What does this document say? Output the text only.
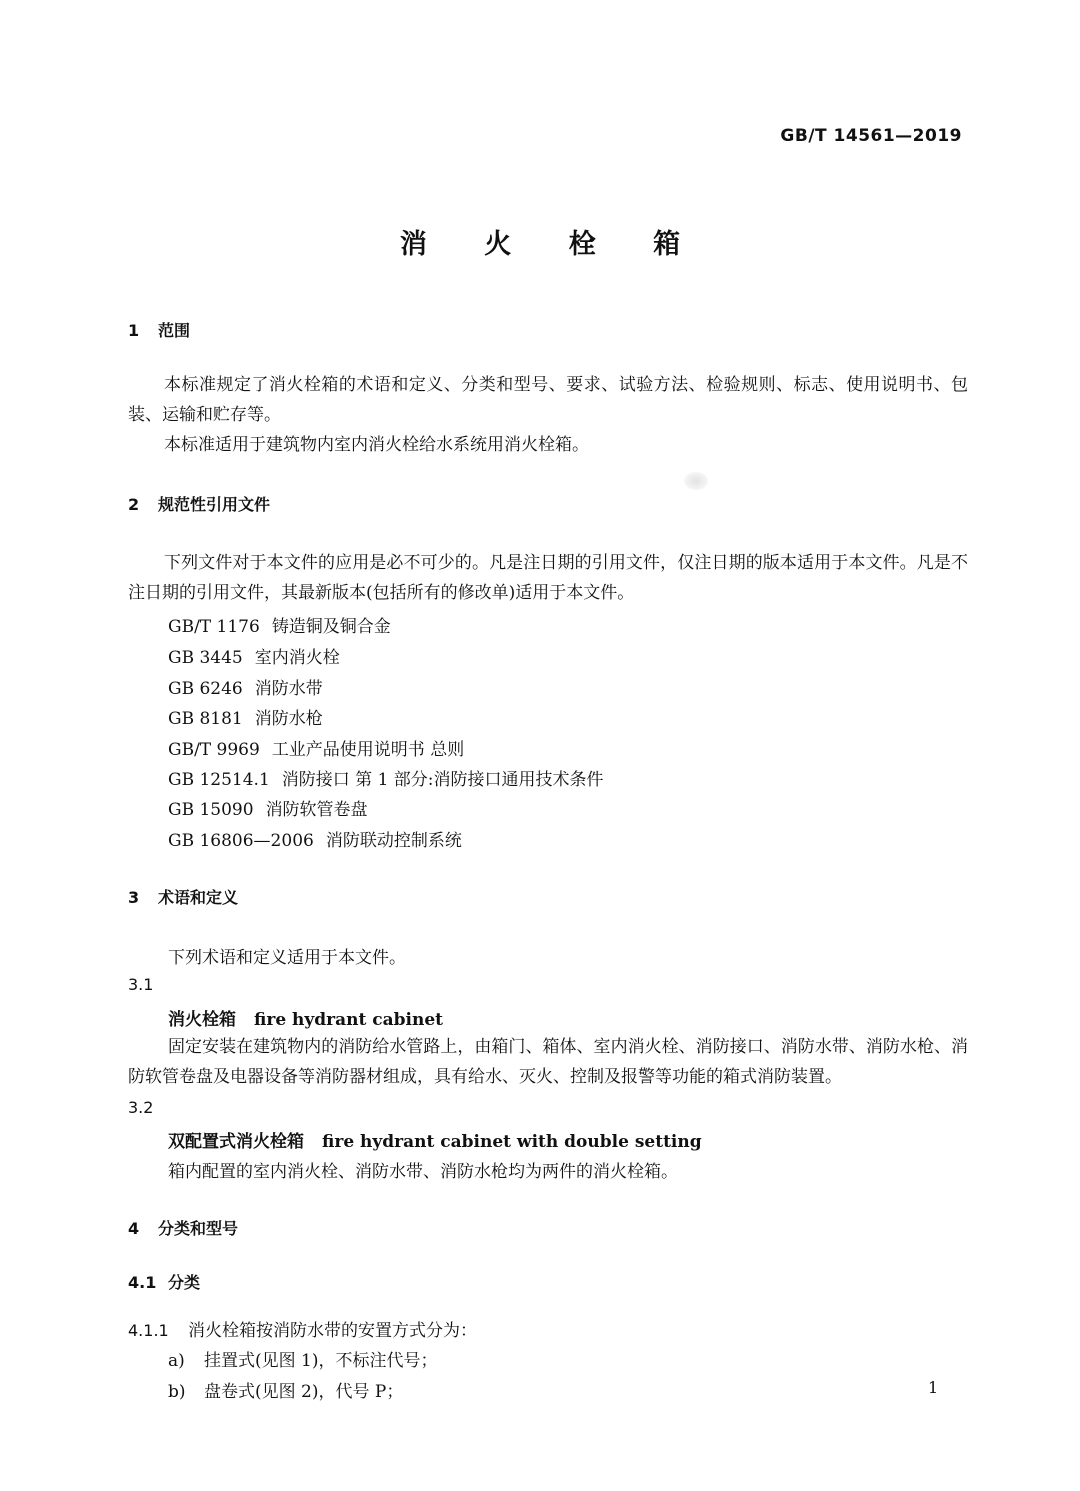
GB/T 14561—2019
消 火 栓 箱
1 范围
本标准规定了消火栓箱的术语和定义、分类和型号、要求、试验方法、检验规则、标志、使用说明书、包装、运输和贮存等。
本标准适用于建筑物内室内消火栓给水系统用消火栓箱。
2 规范性引用文件
下列文件对于本文件的应用是必不可少的。凡是注日期的引用文件，仅注日期的版本适用于本文件。凡是不注日期的引用文件，其最新版本(包括所有的修改单)适用于本文件。
GB/T 1176 铸造铜及铜合金
GB 3445 室内消火栓
GB 6246 消防水带
GB 8181 消防水枪
GB/T 9969 工业产品使用说明书 总则
GB 12514.1 消防接口 第 1 部分:消防接口通用技术条件
GB 15090 消防软管卷盘
GB 16806—2006 消防联动控制系统
3 术语和定义
下列术语和定义适用于本文件。
3.1
消火栓箱 fire hydrant cabinet
固定安装在建筑物内的消防给水管路上，由箱门、箱体、室内消火栓、消防接口、消防水带、消防水枪、消防软管卷盘及电器设备等消防器材组成，具有给水、灭火、控制及报警等功能的箱式消防装置。
3.2
双配置式消火栓箱 fire hydrant cabinet with double setting
箱内配置的室内消火栓、消防水带、消防水枪均为两件的消火栓箱。
4 分类和型号
4.1 分类
4.1.1 消火栓箱按消防水带的安置方式分为：
a) 挂置式(见图 1)，不标注代号；
b) 盘卷式(见图 2)，代号 P；	1
